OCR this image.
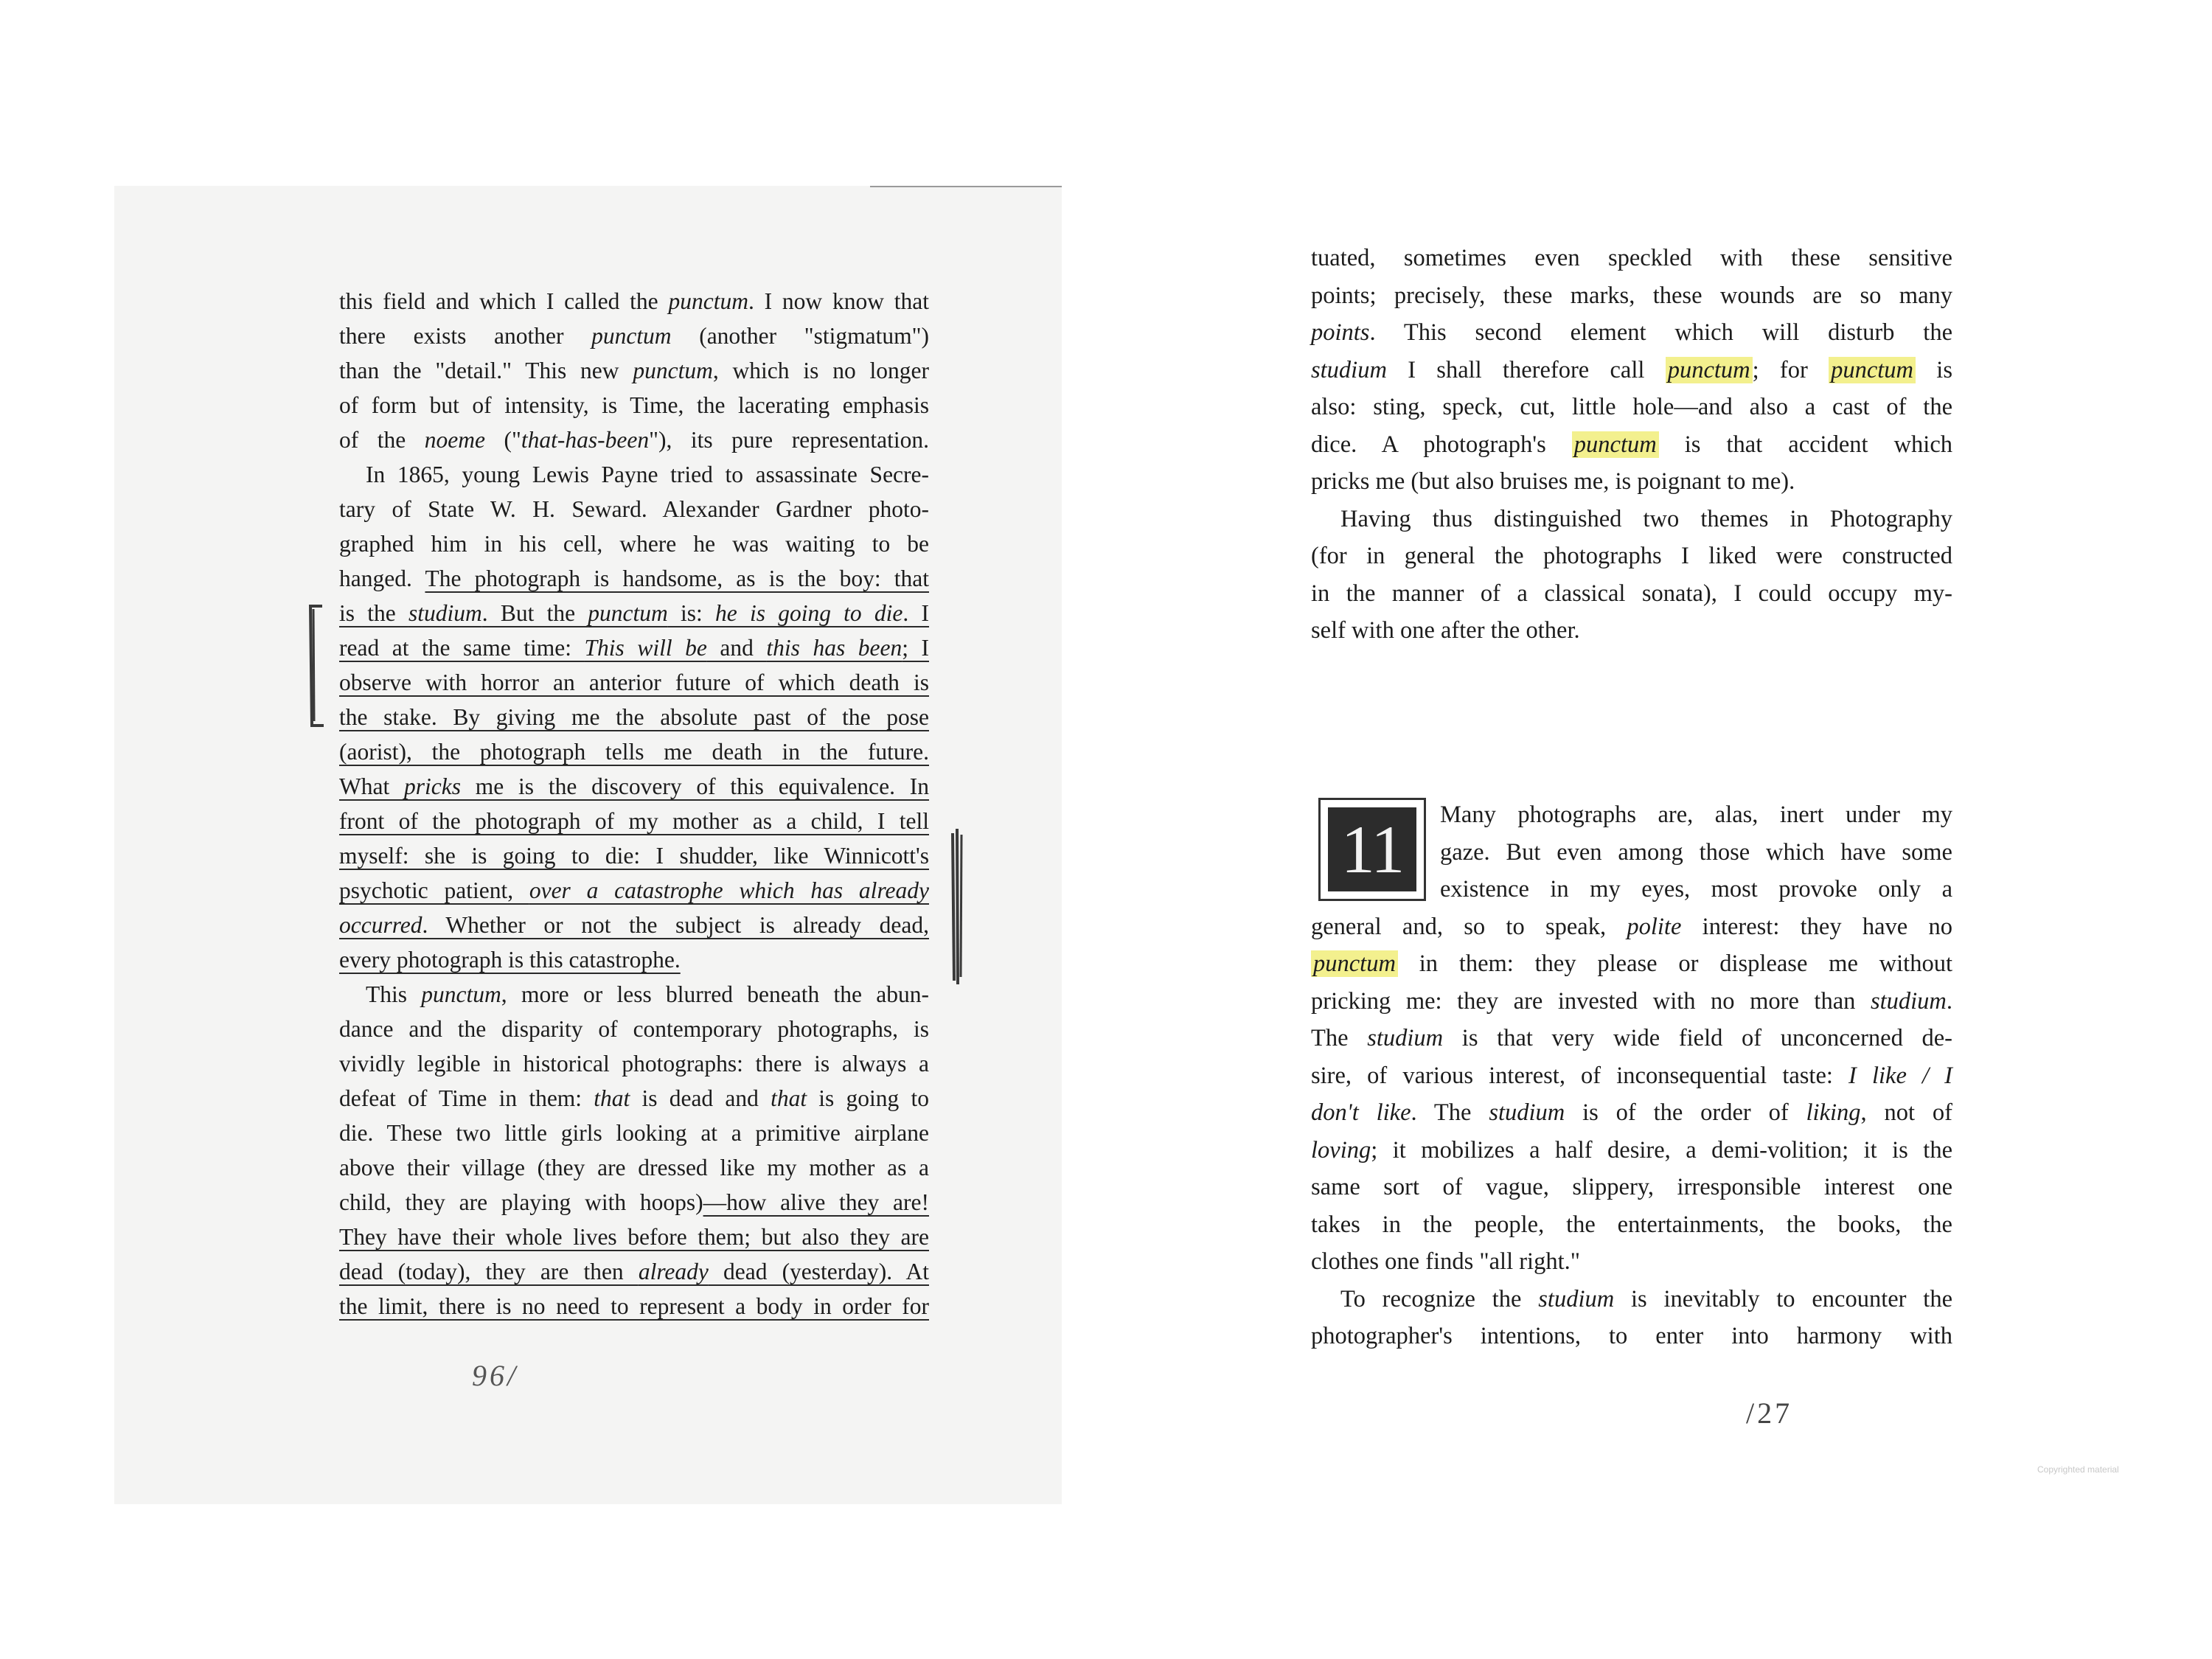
this field and which I called the punctum. I now know that
there exists another punctum (another "stigmatum")
than the "detail." This new punctum, which is no longer
of form but of intensity, is Time, the lacerating emphasis
of the noeme ("that-has-been"), its pure representation.
In 1865, young Lewis Payne tried to assassinate Secre-
tary of State W. H. Seward. Alexander Gardner photo-
graphed him in his cell, where he was waiting to be
hanged. The photograph is handsome, as is the boy: that
is the studium. But the punctum is: he is going to die. I
read at the same time: This will be and this has been; I
observe with horror an anterior future of which death is
the stake. By giving me the absolute past of the pose
(aorist), the photograph tells me death in the future.
What pricks me is the discovery of this equivalence. In
front of the photograph of my mother as a child, I tell
myself: she is going to die: I shudder, like Winnicott's
psychotic patient, over a catastrophe which has already
occurred. Whether or not the subject is already dead,
every photograph is this catastrophe.
This punctum, more or less blurred beneath the abun-
dance and the disparity of contemporary photographs, is
vividly legible in historical photographs: there is always a
defeat of Time in them: that is dead and that is going to
die. These two little girls looking at a primitive airplane
above their village (they are dressed like my mother as a
child, they are playing with hoops)—how alive they are!
They have their whole lives before them; but also they are
dead (today), they are then already dead (yesterday). At
the limit, there is no need to represent a body in order for
96/
tuated, sometimes even speckled with these sensitive
points; precisely, these marks, these wounds are so many
points. This second element which will disturb the
studium I shall therefore call punctum; for punctum is
also: sting, speck, cut, little hole—and also a cast of the
dice. A photograph's punctum is that accident which
pricks me (but also bruises me, is poignant to me).
Having thus distinguished two themes in Photography
(for in general the photographs I liked were constructed
in the manner of a classical sonata), I could occupy my-
self with one after the other.
11	Many photographs are, alas, inert under my
gaze. But even among those which have some
existence in my eyes, most provoke only a
general and, so to speak, polite interest: they have no
punctum in them: they please or displease me without
pricking me: they are invested with no more than studium.
The studium is that very wide field of unconcerned de-
sire, of various interest, of inconsequential taste: I like / I
don't like. The studium is of the order of liking, not of
loving; it mobilizes a half desire, a demi-volition; it is the
same sort of vague, slippery, irresponsible interest one
takes in the people, the entertainments, the books, the
clothes one finds "all right."
To recognize the studium is inevitably to encounter the
photographer's intentions, to enter into harmony with
/27
Copyrighted material
